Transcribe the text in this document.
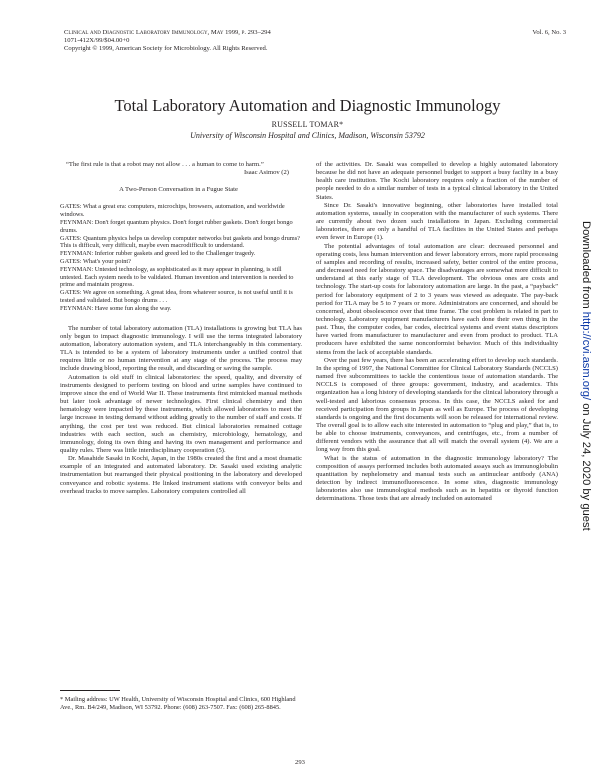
Clinical and Diagnostic Laboratory Immunology, May 1999, p. 293–294
1071-412X/99/$04.00+0
Copyright © 1999, American Society for Microbiology. All Rights Reserved.
Vol. 6, No. 3
Total Laboratory Automation and Diagnostic Immunology
RUSSELL TOMAR*
University of Wisconsin Hospital and Clinics, Madison, Wisconsin 53792
“The first rule is that a robot may not allow . . . a human to come to harm.”
Isaac Asimov (2)
A Two-Person Conversation in a Fugue State
GATES: What a great era: computers, microchips, browsers, automation, and worldwide windows.
FEYNMAN: Don't forget quantum physics. Don't forget rubber gaskets. Don't forget bongo drums.
GATES: Quantum physics helps us develop computer networks but gaskets and bongo drums? This is difficult, very difficult, maybe even macrodifficult to understand.
FEYNMAN: Inferior rubber gaskets and greed led to the Challenger tragedy.
GATES: What's your point?
FEYNMAN: Untested technology, as sophisticated as it may appear in planning, is still untested. Each system needs to be validated. Human invention and intervention is needed to prime and maintain progress.
GATES: We agree on something. A great idea, from whatever source, is not useful until it is tested and validated. But bongo drums . . .
FEYNMAN: Have some fun along the way.

The number of total laboratory automation (TLA) installations is growing but TLA has only begun to impact diagnostic immunology. I will use the terms integrated laboratory automation, laboratory automation system, and TLA interchangeably in this commentary. TLA is intended to be a system of laboratory instruments under a unified control that requires little or no human intervention at any stage of the process. The process may include drawing blood, reporting the result, and discarding or saving the sample.

Automation is old stuff in clinical laboratories: the speed, quality, and diversity of instruments designed to perform testing on blood and urine samples have continued to improve since the end of World War II. These instruments first mimicked manual methods but later took advantage of newer technologies. First clinical chemistry and then hematology were impacted by these instruments, which allowed laboratories to meet the large increase in testing demand without adding greatly to the number of staff and costs. If anything, the cost per test was reduced. But clinical laboratories remained cottage industries with each section, such as chemistry, microbiology, hematology, and immunology, doing its own thing and having its own management and performance and quality rules. There was little interdisciplinary cooperation (5).

Dr. Masahide Sasaki in Kochi, Japan, in the 1980s created the first and a most dramatic example of an integrated and automated laboratory. Dr. Sasaki used existing analytic instrumentation but rearranged their physical positioning in the laboratory and developed conveyance and robotic systems. He linked instrument stations with conveyor belts and overhead tracks to move samples. Laboratory computers controlled all

of the activities. Dr. Sasaki was compelled to develop a highly automated laboratory because he did not have an adequate personnel budget to support a busy facility in a busy health care institution. The Kochi laboratory requires only a fraction of the number of people needed to do a similar number of tests in a typical clinical laboratory in the United States.

Since Dr. Sasaki's innovative beginning, other laboratories have installed total automation systems, usually in cooperation with the manufacturer of such systems. There are currently about two dozen such installations in Japan. Excluding commercial laboratories, there are only a handful of TLA facilities in the United States and perhaps even fewer in Europe (1).

The potential advantages of total automation are clear: decreased personnel and operating costs, less human intervention and fewer laboratory errors, more rapid processing of samples and recording of results, increased safety, better control of the entire process, and decreased need for laboratory space. The disadvantages are somewhat more difficult to understand at this early stage of TLA development. The obvious ones are costs and technology. The start-up costs for laboratory automation are large. In the past, a “payback” period for laboratory equipment of 2 to 3 years was viewed as adequate. The pay-back period for TLA may be 5 to 7 years or more. Administrators are concerned, and should be concerned, about obsolescence over that time frame. The cost problem is related in part to technology. Laboratory equipment manufacturers have each done their own thing in the past. Thus, the computer codes, bar codes, electrical systems and event status descriptors have varied from manufacturer to manufacturer and even from product to product. TLA producers have exhibited the same nonconformist behavior. Much of this individuality stems from the lack of acceptable standards.

Over the past few years, there has been an accelerating effort to develop such standards. In the spring of 1997, the National Committee for Clinical Laboratory Standards (NCCLS) named five subcommittees to tackle the contentious issue of automation standards. The NCCLS is composed of three groups: government, industry, and academics. This organization has a long history of developing standards for the clinical laboratory through a well-tested and laborious consensus process. In this case, the NCCLS asked for and received participation from groups in Japan as well as Europe. The process of developing standards is ongoing and the first documents will soon be released for international review. The overall goal is to allow each site interested in automation to “plug and play,” that is, to be able to choose instruments, conveyances, and centrifuges, etc., from a number of different vendors with the assurance that all will match the overall system (4). We are a long way from this goal.

What is the status of automation in the diagnostic immunology laboratory? The composition of assays performed includes both automated assays such as immunoglobulin quantitation by nephelometry and manual tests such as antinuclear antibody (ANA) detection by indirect immunofluorescence. In some sites, diagnostic immunology laboratories also use immunological methods such as in hepatitis or thyroid function determinations. Those tests that are already included on automated

* Mailing address: UW Health, University of Wisconsin Hospital and Clinics, 600 Highland Ave., Rm. B4/249, Madison, WI 53792. Phone: (608) 263-7507. Fax: (608) 265-8845.
293
Downloaded from http://cvi.asm.org/ on July 24, 2020 by guest
